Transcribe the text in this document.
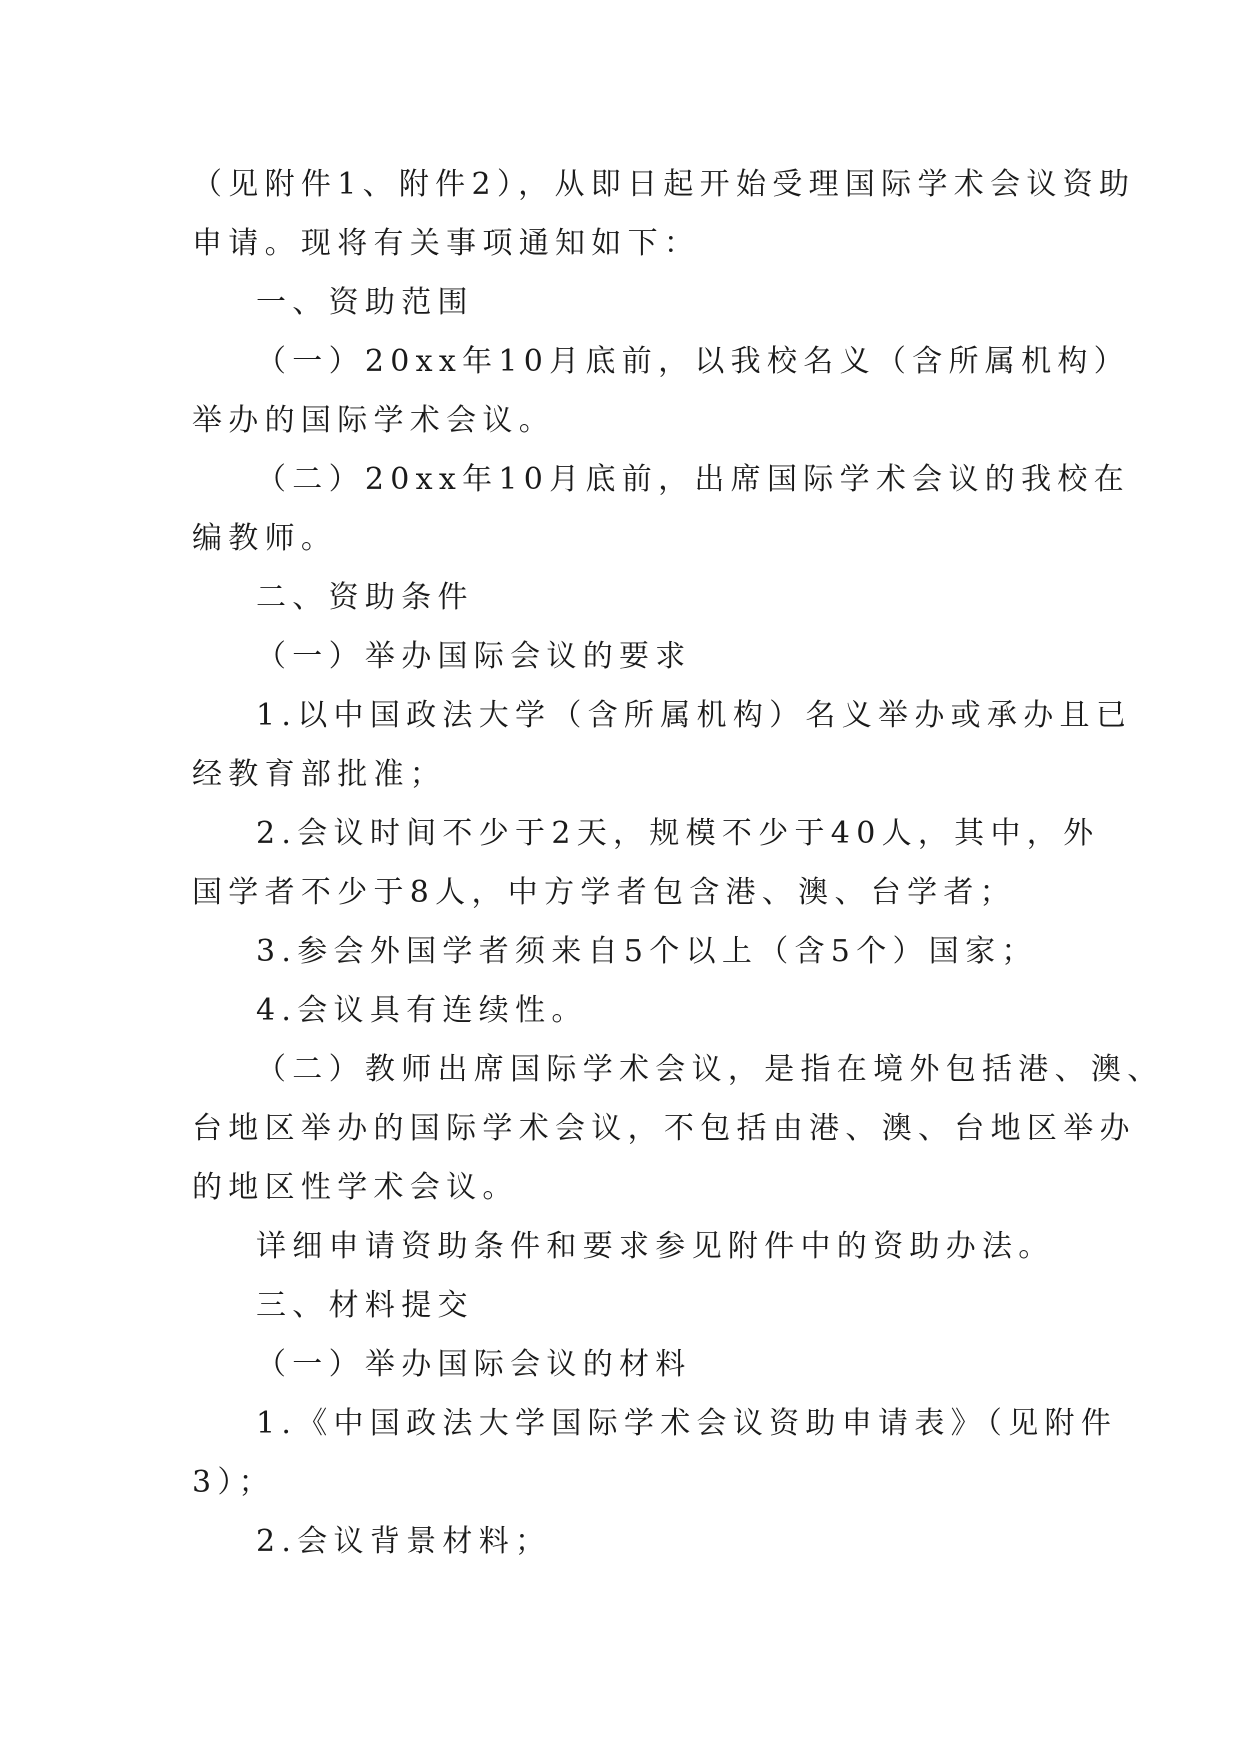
（见附件1、附件2），从即日起开始受理国际学术会议资助

申请。现将有关事项通知如下：

一、资助范围

（一）20xx年10月底前，以我校名义（含所属机构）

举办的国际学术会议。

（二）20xx年10月底前，出席国际学术会议的我校在

编教师。

二、资助条件

（一）举办国际会议的要求

1.以中国政法大学（含所属机构）名义举办或承办且已

经教育部批准；

2.会议时间不少于2天，规模不少于40人，其中，外

国学者不少于8人，中方学者包含港、澳、台学者；

3.参会外国学者须来自5个以上（含5个）国家；

4.会议具有连续性。

（二）教师出席国际学术会议，是指在境外包括港、澳、

台地区举办的国际学术会议，不包括由港、澳、台地区举办

的地区性学术会议。

详细申请资助条件和要求参见附件中的资助办法。

三、材料提交

（一）举办国际会议的材料

1.《中国政法大学国际学术会议资助申请表》（见附件

3）；

2.会议背景材料；
